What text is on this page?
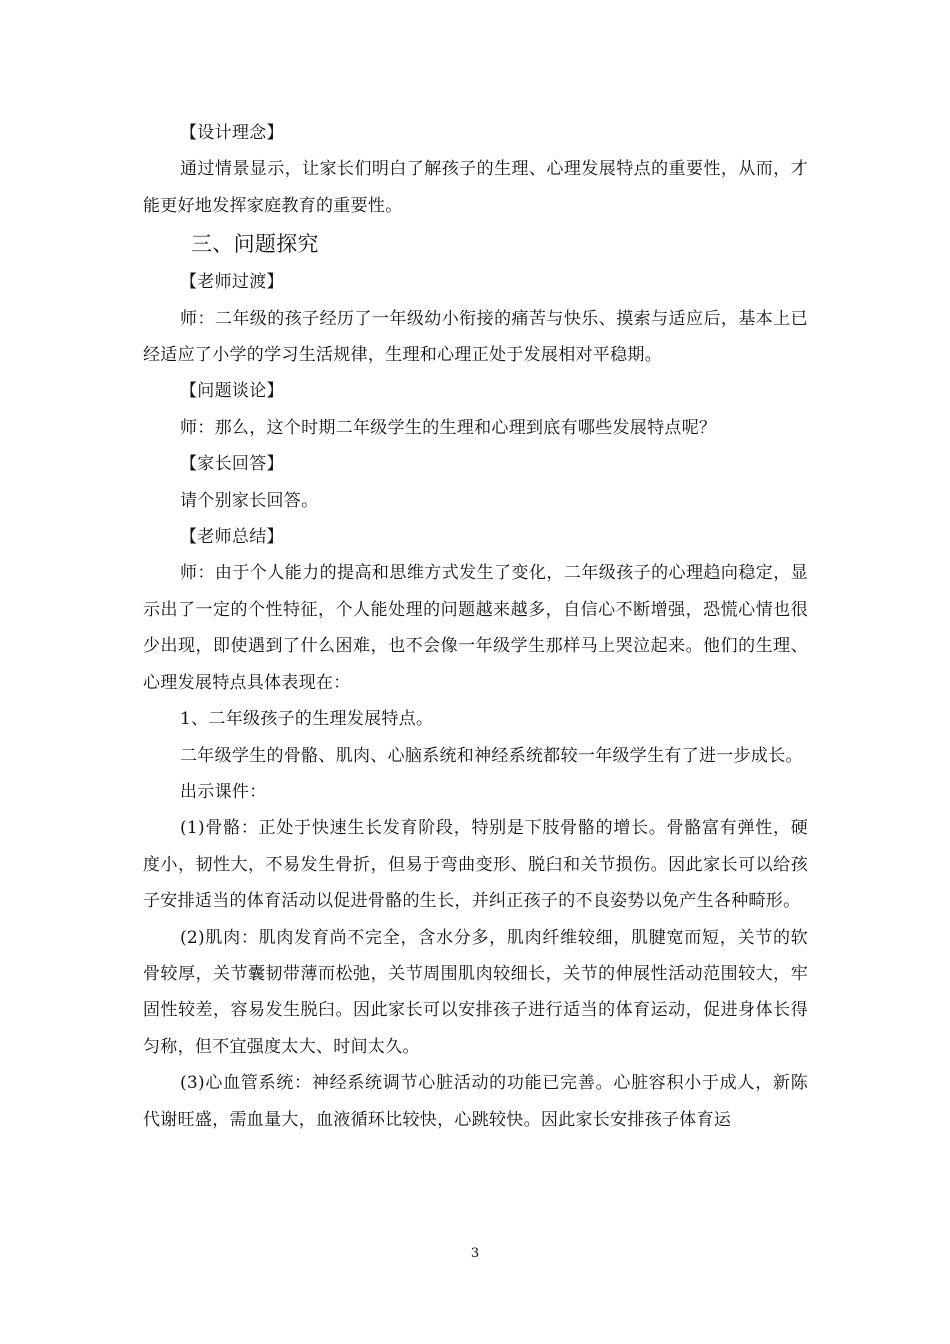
【设计理念】

通过情景显示，让家长们明白了解孩子的生理、心理发展特点的重要性，从而，才能更好地发挥家庭教育的重要性。

三、问题探究

【老师过渡】

师：二年级的孩子经历了一年级幼小衔接的痛苦与快乐、摸索与适应后，基本上已经适应了小学的学习生活规律，生理和心理正处于发展相对平稳期。

【问题谈论】

师：那么，这个时期二年级学生的生理和心理到底有哪些发展特点呢？

【家长回答】

请个别家长回答。

【老师总结】

师：由于个人能力的提高和思维方式发生了变化，二年级孩子的心理趋向稳定，显示出了一定的个性特征，个人能处理的问题越来越多，自信心不断增强，恐慌心情也很少出现，即使遇到了什么困难，也不会像一年级学生那样马上哭泣起来。他们的生理、心理发展特点具体表现在：

1、二年级孩子的生理发展特点。

二年级学生的骨骼、肌肉、心脑系统和神经系统都较一年级学生有了进一步成长。

出示课件：

(1)骨骼：正处于快速生长发育阶段，特别是下肢骨骼的增长。骨骼富有弹性，硬度小，韧性大，不易发生骨折，但易于弯曲变形、脱臼和关节损伤。因此家长可以给孩子安排适当的体育活动以促进骨骼的生长，并纠正孩子的不良姿势以免产生各种畸形。

(2)肌肉：肌肉发育尚不完全，含水分多，肌肉纤维较细，肌腱宽而短，关节的软骨较厚，关节囊韧带薄而松弛，关节周围肌肉较细长，关节的伸展性活动范围较大，牢固性较差，容易发生脱臼。因此家长可以安排孩子进行适当的体育运动，促进身体长得匀称，但不宜强度太大、时间太久。

(3)心血管系统：神经系统调节心脏活动的功能已完善。心脏容积小于成人，新陈代谢旺盛，需血量大，血液循环比较快，心跳较快。因此家长安排孩子体育运

3
